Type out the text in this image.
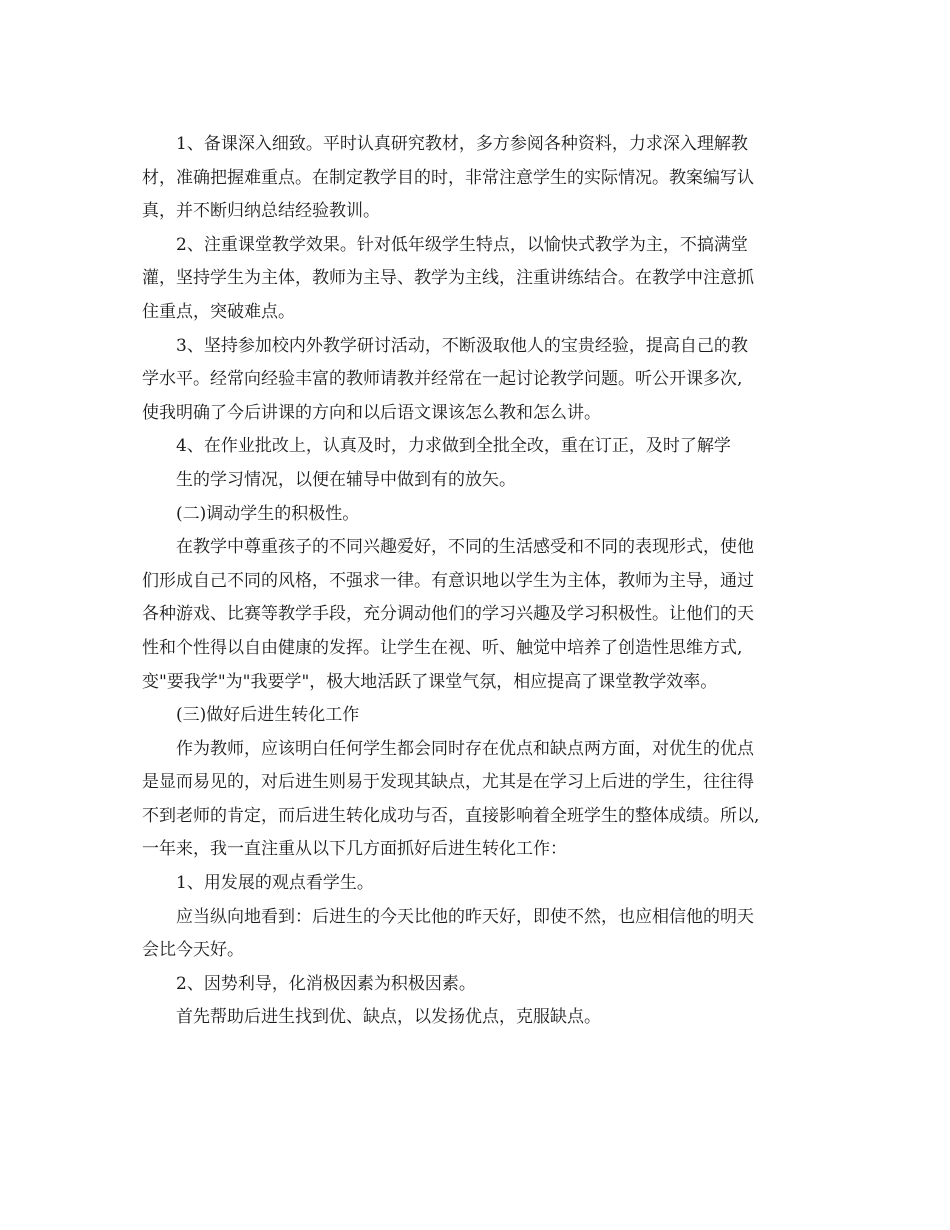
1、备课深入细致。平时认真研究教材，多方参阅各种资料，力求深入理解教
材，准确把握难重点。在制定教学目的时，非常注意学生的实际情况。教案编写认
真，并不断归纳总结经验教训。
2、注重课堂教学效果。针对低年级学生特点，以愉快式教学为主，不搞满堂
灌，坚持学生为主体，教师为主导、教学为主线，注重讲练结合。在教学中注意抓
住重点，突破难点。
3、坚持参加校内外教学研讨活动，不断汲取他人的宝贵经验，提高自己的教
学水平。经常向经验丰富的教师请教并经常在一起讨论教学问题。听公开课多次,
使我明确了今后讲课的方向和以后语文课该怎么教和怎么讲。
4、在作业批改上，认真及时，力求做到全批全改，重在订正，及时了解学
生的学习情况，以便在辅导中做到有的放矢。
(二)调动学生的积极性。
在教学中尊重孩子的不同兴趣爱好，不同的生活感受和不同的表现形式，使他
们形成自己不同的风格，不强求一律。有意识地以学生为主体，教师为主导，通过
各种游戏、比赛等教学手段，充分调动他们的学习兴趣及学习积极性。让他们的天
性和个性得以自由健康的发挥。让学生在视、听、触觉中培养了创造性思维方式,
变"要我学"为"我要学"，极大地活跃了课堂气氛，相应提高了课堂教学效率。
(三)做好后进生转化工作
作为教师，应该明白任何学生都会同时存在优点和缺点两方面，对优生的优点
是显而易见的，对后进生则易于发现其缺点，尤其是在学习上后进的学生，往往得
不到老师的肯定，而后进生转化成功与否，直接影响着全班学生的整体成绩。所以,
一年来，我一直注重从以下几方面抓好后进生转化工作：
1、用发展的观点看学生。
应当纵向地看到：后进生的今天比他的昨天好，即使不然，也应相信他的明天
会比今天好。
2、因势利导，化消极因素为积极因素。
首先帮助后进生找到优、缺点，以发扬优点，克服缺点。
